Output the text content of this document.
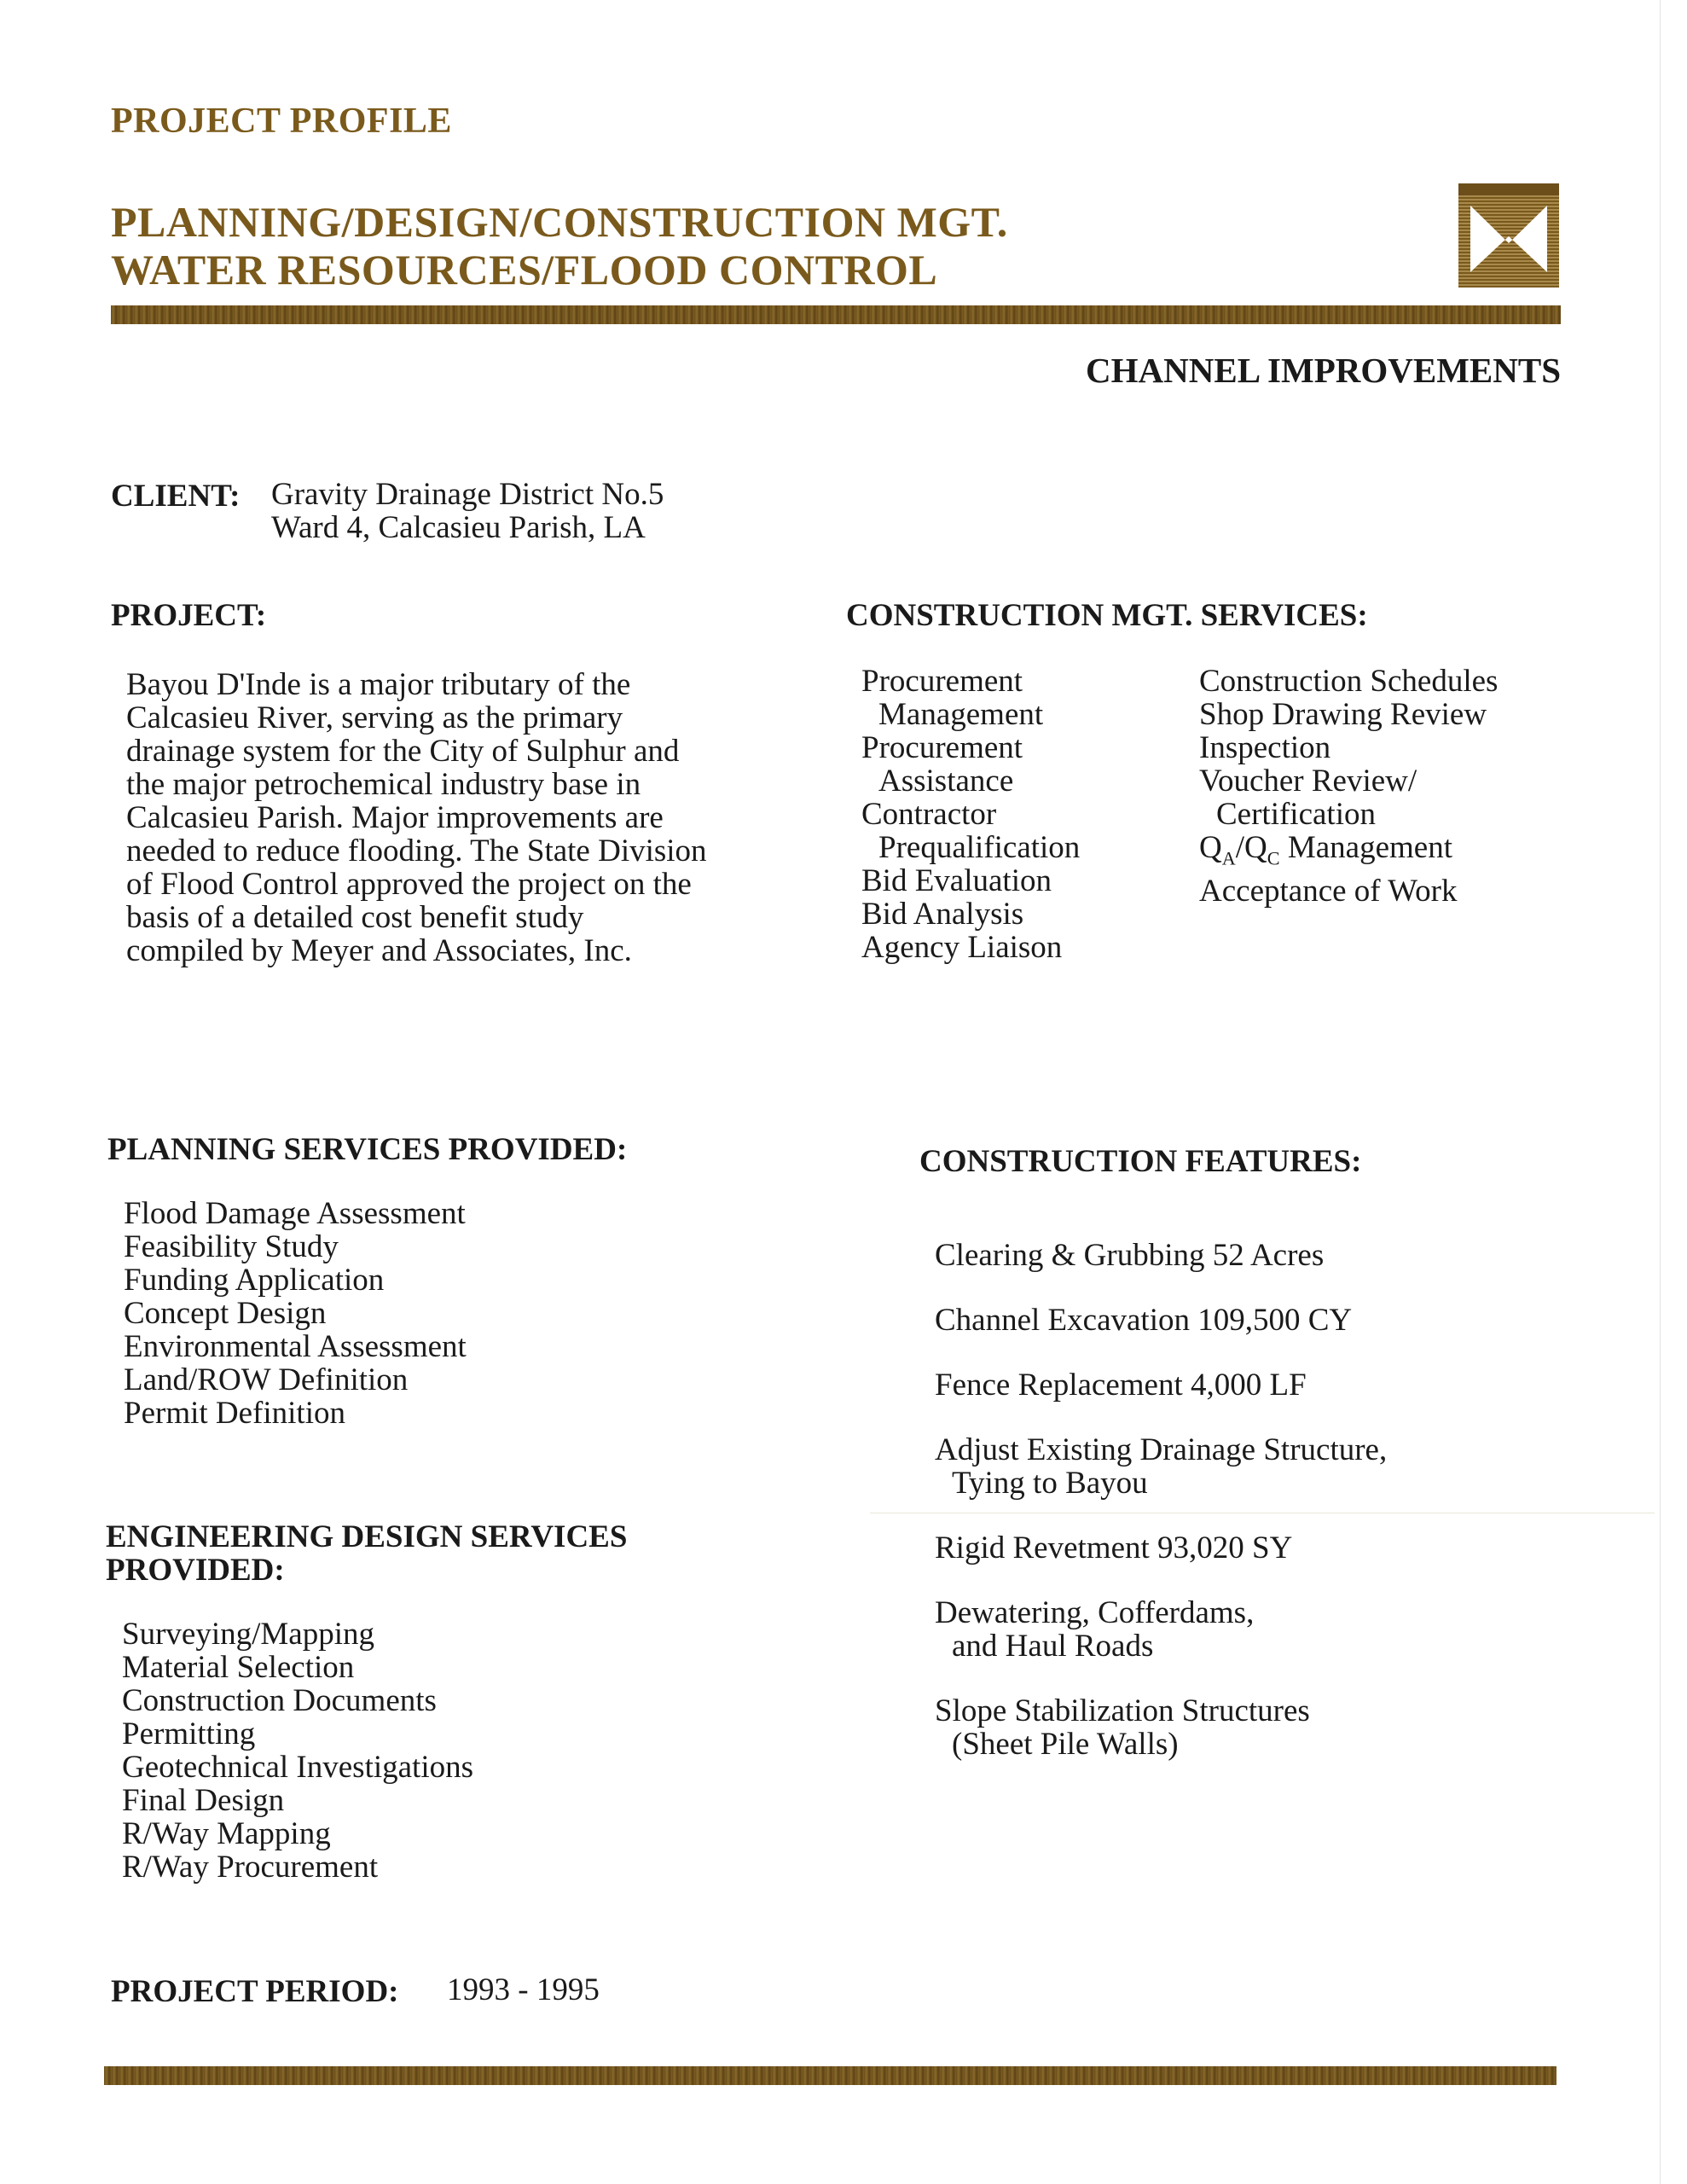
PROJECT PROFILE
PLANNING/DESIGN/CONSTRUCTION MGT.
WATER RESOURCES/FLOOD CONTROL
CHANNEL IMPROVEMENTS
CLIENT: Gravity Drainage District No.5
Ward 4, Calcasieu Parish, LA
PROJECT:
Bayou D'Inde is a major tributary of the
Calcasieu River, serving as the primary
drainage system for the City of Sulphur and
the major petrochemical industry base in
Calcasieu Parish. Major improvements are
needed to reduce flooding. The State Division
of Flood Control approved the project on the
basis of a detailed cost benefit study
compiled by Meyer and Associates, Inc.
CONSTRUCTION MGT. SERVICES:
Procurement
Management
Procurement
Assistance
Contractor
Prequalification
Bid Evaluation
Bid Analysis
Agency Liaison
Construction Schedules
Shop Drawing Review
Inspection
Voucher Review/
Certification
$Q_A/Q_C$ Management
Acceptance of Work
PLANNING SERVICES PROVIDED:
Flood Damage Assessment
Feasibility Study
Funding Application
Concept Design
Environmental Assessment
Land/ROW Definition
Permit Definition
CONSTRUCTION FEATURES:
Clearing & Grubbing 52 Acres
Channel Excavation 109,500 CY
Fence Replacement 4,000 LF
Adjust Existing Drainage Structure,
Tying to Bayou
Rigid Revetment 93,020 SY
Dewatering, Cofferdams,
and Haul Roads
Slope Stabilization Structures
(Sheet Pile Walls)
ENGINEERING DESIGN SERVICES
PROVIDED:
Surveying/Mapping
Material Selection
Construction Documents
Permitting
Geotechnical Investigations
Final Design
R/Way Mapping
R/Way Procurement
PROJECT PERIOD: 1993 - 1995
